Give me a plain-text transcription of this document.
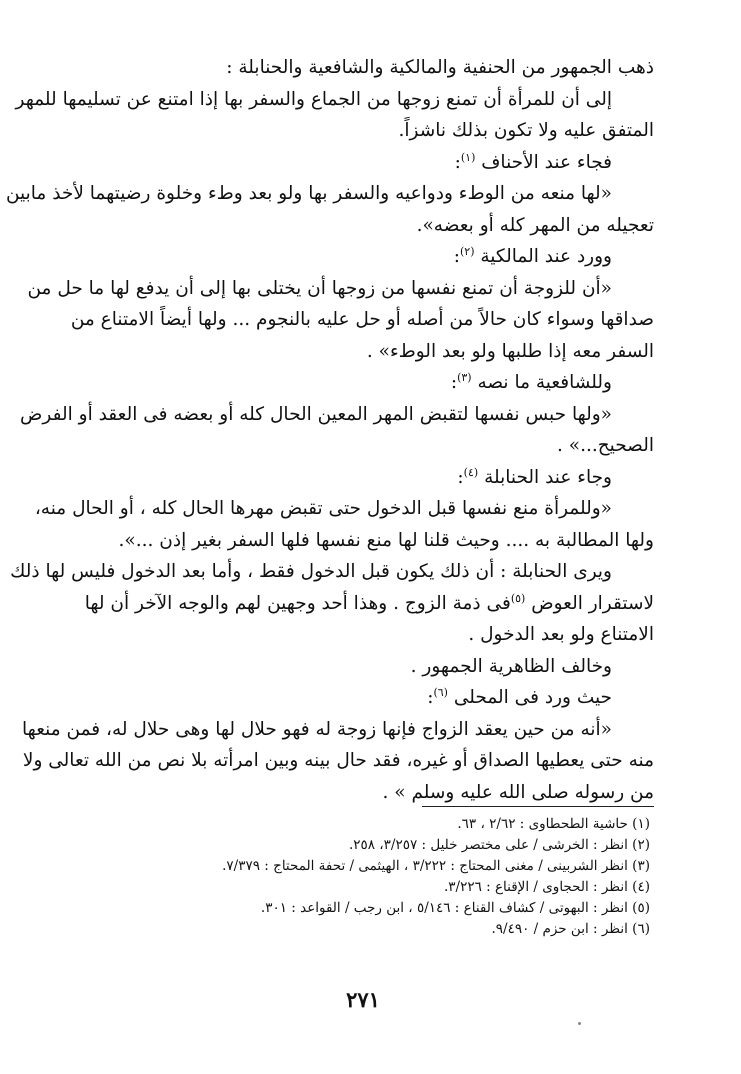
ذهب الجمهور من الحنفية والمالكية والشافعية والحنابلة :
إلى أن للمرأة أن تمنع زوجها من الجماع والسفر بها إذا امتنع عن تسليمها للمهر
المتفق عليه ولا تكون بذلك ناشزاً.
فجاء عند الأحناف $^{(١)}$:
«لها منعه من الوطء ودواعيه والسفر بها ولو بعد وطء وخلوة رضيتهما لأخذ مابين
تعجيله من المهر كله أو بعضه».
وورد عند المالكية $^{(٢)}$:
«أن للزوجة أن تمنع نفسها من زوجها أن يختلى بها إلى أن يدفع لها ما حل من
صداقها وسواء كان حالاً من أصله أو حل عليه بالنجوم ... ولها أيضاً الامتناع من
السفر معه إذا طلبها ولو بعد الوطء» .
وللشافعية ما نصه $^{(٣)}$:
«ولها حبس نفسها لتقبض المهر المعين الحال كله أو بعضه فى العقد أو الفرض
الصحيح...» .
وجاء عند الحنابلة $^{(٤)}$:
«وللمرأة منع نفسها قبل الدخول حتى تقبض مهرها الحال كله ، أو الحال منه،
ولها المطالبة به .... وحيث قلنا لها منع نفسها فلها السفر بغير إذن ...».
ويرى الحنابلة : أن ذلك يكون قبل الدخول فقط ، وأما بعد الدخول فليس لها ذلك
لاستقرار العوض $^{(٥)}$فى ذمة الزوج . وهذا أحد وجهين لهم والوجه الآخر أن لها
الامتناع ولو بعد الدخول .
وخالف الظاهرية الجمهور .
حيث ورد فى المحلى $^{(٦)}$:
«أنه من حين يعقد الزواج فإنها زوجة له فهو حلال لها وهى حلال له، فمن منعها
منه حتى يعطيها الصداق أو غيره، فقد حال بينه وبين امرأته بلا نص من الله تعالى ولا
من رسوله صلى الله عليه وسلم » .
(١) حاشية الطحطاوى : ٢/٦٢ ، ٦٣.
(٢) انظر : الخرشى / على مختصر خليل : ٣/٢٥٧، ٢٥٨.
(٣) انظر الشربينى / مغنى المحتاج : ٣/٢٢٢ ، الهيثمى / تحفة المحتاج : ٧/٣٧٩.
(٤) انظر : الحجاوى / الإقناع : ٣/٢٢٦.
(٥) انظر : البهوتى / كشاف القناع : ٥/١٤٦ ، ابن رجب / القواعد : ٣٠١.
(٦) انظر : ابن حزم / ٩/٤٩٠.
٢٧١
